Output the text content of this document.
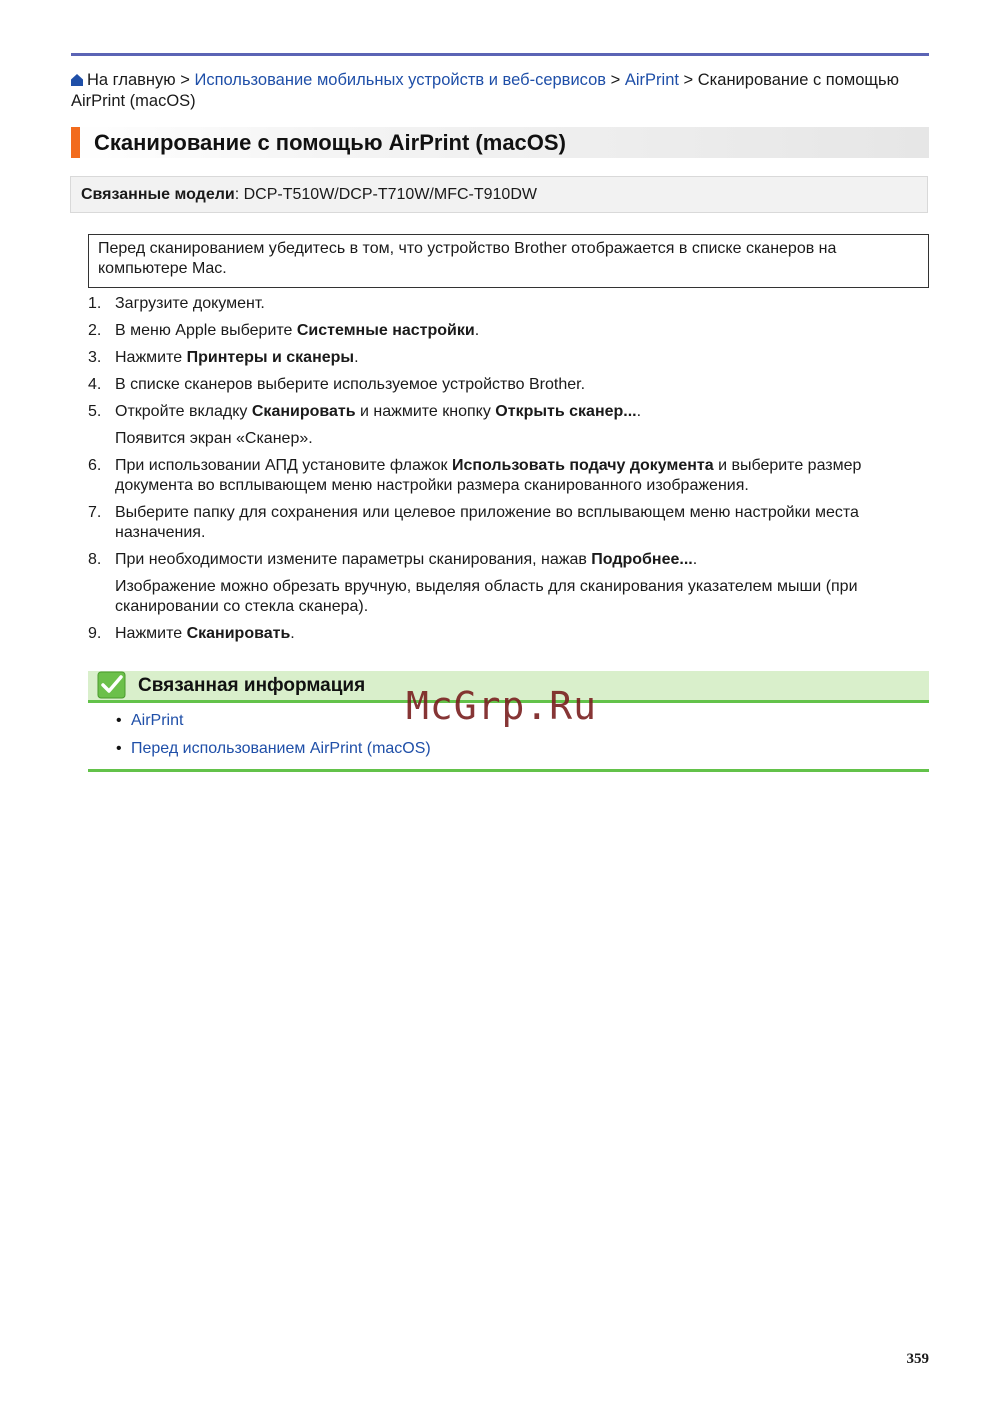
На главную > Использование мобильных устройств и веб-сервисов > AirPrint > Сканирование с помощью AirPrint (macOS)
Сканирование с помощью AirPrint (macOS)
Связанные модели: DCP-T510W/DCP-T710W/MFC-T910DW
Перед сканированием убедитесь в том, что устройство Brother отображается в списке сканеров на компьютере Mac.
1. Загрузите документ.
2. В меню Apple выберите Системные настройки.
3. Нажмите Принтеры и сканеры.
4. В списке сканеров выберите используемое устройство Brother.
5. Откройте вкладку Сканировать и нажмите кнопку Открыть сканер....
Появится экран «Сканер».
6. При использовании АПД установите флажок Использовать подачу документа и выберите размер документа во всплывающем меню настройки размера сканированного изображения.
7. Выберите папку для сохранения или целевое приложение во всплывающем меню настройки места назначения.
8. При необходимости измените параметры сканирования, нажав Подробнее....
Изображение можно обрезать вручную, выделяя область для сканирования указателем мыши (при сканировании со стекла сканера).
9. Нажмите Сканировать.
Связанная информация
• AirPrint
• Перед использованием AirPrint (macOS)
McGrp.Ru
359
